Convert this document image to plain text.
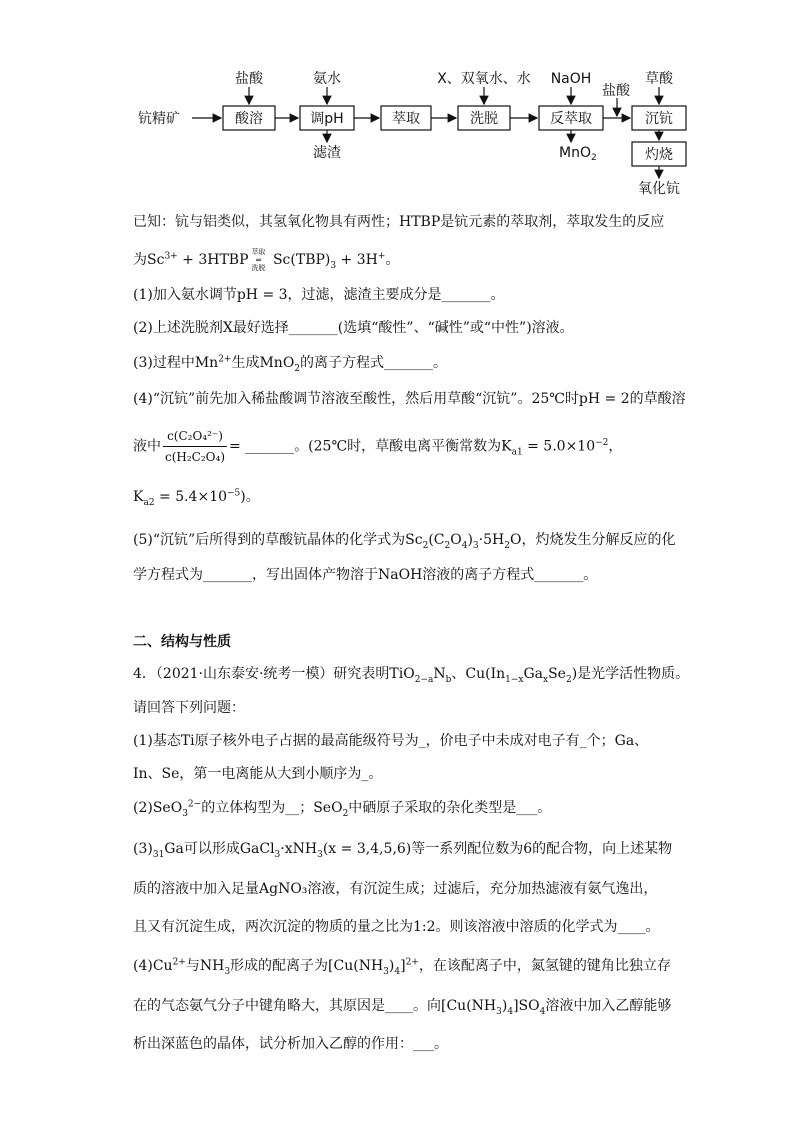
钪精矿	酸溶	调pH	萃取	洗脱	反萃取	沉钪
灼烧
盐酸	氨水	X、双氧水、水 NaOH
盐酸
草酸
滤渣	MnO$_2$
氧化钪
已知：钪与铝类似，其氢氧化物具有两性；HTBP是钪元素的萃取剂，萃取发生的反应
为$Sc^{3+}$ + 3HTBP 萃取
⇌
洗脱 $Sc(TBP)_3 + 3H^+$。
(1)加入氨水调节pH = 3，过滤，滤渣主要成分是_______。
(2)上述洗脱剂X最好选择_______(选填“酸性”、“碱性”或“中性”)溶液。
(3)过程中$Mn^{2+}$生成MnO$_2$的离子方程式_______。
(4)“沉钪”前先加入稀盐酸调节溶液至酸性，然后用草酸“沉钪”。25℃时pH = 2的草酸溶
液中 $\frac{\text{c(C₂O₄²⁻)}}{\text{c(H₂C₂O₄)}}$ = _______。(25℃时，草酸电离平衡常数为$K_{a1} = 5.0\times 10^{-2}$，
$K_{a2} = 5.4\times 10^{-5}$)。
(5)“沉钪”后所得到的草酸钪晶体的化学式为$Sc_2(C_2O_4)_3\cdot 5H_2O$，灼烧发生分解反应的化
学方程式为_______，写出固体产物溶于NaOH溶液的离子方程式_______。
二、结构与性质
4．（2021·山东泰安·统考一模）研究表明$TiO_{2-a}N_b$、$Cu(In_{1-x}Ga_xSe_2)$是光学活性物质。
请回答下列问题：
(1)基态Ti原子核外电子占据的最高能级符号为_，价电子中未成对电子有_个；Ga、
In、Se，第一电离能从大到小顺序为_。
(2)SeO$_3^{2-}$的立体构型为__；SeO$_2$中硒原子采取的杂化类型是___。
$(3)_{31}Ga$可以形成GaCl$_3$·xNH$_3$(x = 3,4,5,6)等一系列配位数为6的配合物，向上述某物
质的溶液中加入足量AgNO₃溶液，有沉淀生成；过滤后，充分加热滤液有氨气逸出，
且又有沉淀生成，两次沉淀的物质的量之比为1:2。则该溶液中溶质的化学式为____。
$(4)Cu^{2+}$与$NH_3$形成的配离子为$[Cu(NH_3)_4]^{2+}$，在该配离子中，氮氢键的键角比独立存
在的气态氨气分子中键角略大，其原因是____。向$[Cu(NH_3)_4]SO_4$溶液中加入乙醇能够
析出深蓝色的晶体，试分析加入乙醇的作用：___。
